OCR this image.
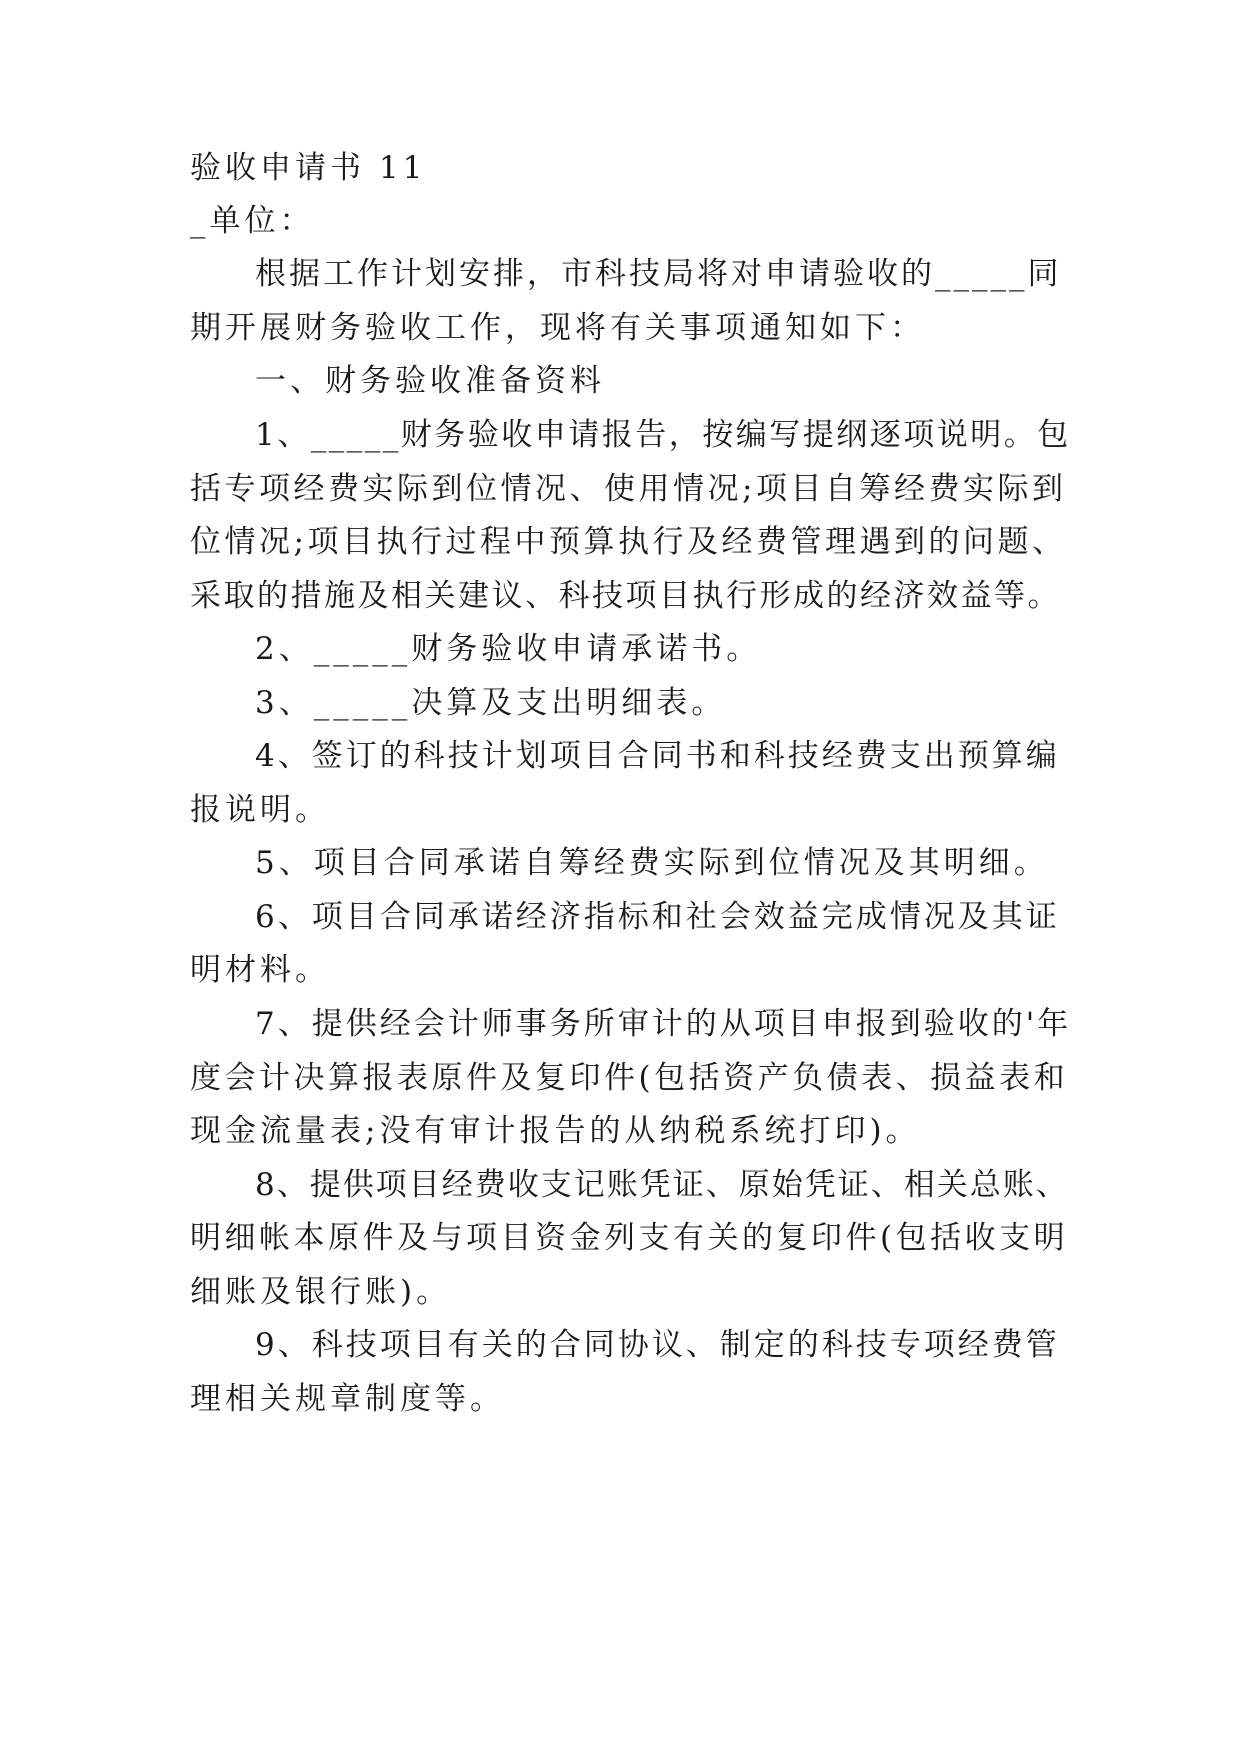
验收申请书 11
_单位：
根据工作计划安排，市科技局将对申请验收的_____同
期开展财务验收工作，现将有关事项通知如下：
一、财务验收准备资料
1、_____财务验收申请报告，按编写提纲逐项说明。包
括专项经费实际到位情况、使用情况;项目自筹经费实际到
位情况;项目执行过程中预算执行及经费管理遇到的问题、
采取的措施及相关建议、科技项目执行形成的经济效益等。
2、_____财务验收申请承诺书。
3、_____决算及支出明细表。
4、签订的科技计划项目合同书和科技经费支出预算编
报说明。
5、项目合同承诺自筹经费实际到位情况及其明细。
6、项目合同承诺经济指标和社会效益完成情况及其证
明材料。
7、提供经会计师事务所审计的从项目申报到验收的'年
度会计决算报表原件及复印件(包括资产负债表、损益表和
现金流量表;没有审计报告的从纳税系统打印)。
8、提供项目经费收支记账凭证、原始凭证、相关总账、
明细帐本原件及与项目资金列支有关的复印件(包括收支明
细账及银行账)。
9、科技项目有关的合同协议、制定的科技专项经费管
理相关规章制度等。
